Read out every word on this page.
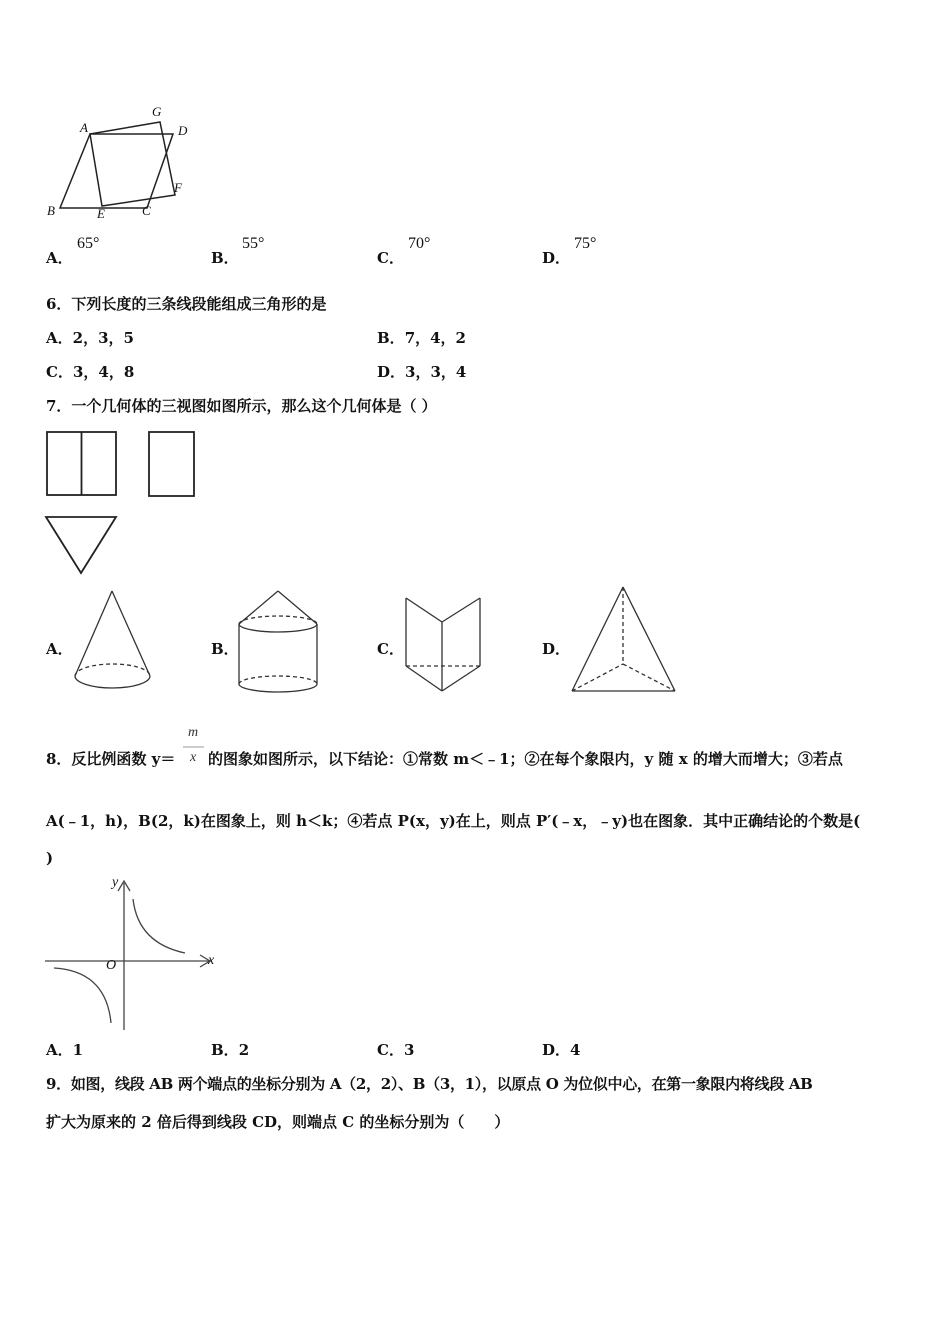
A
G
D
B	E	C
F
A．
65°
B．
55°
C．
70°
D．
75°
6．下列长度的三条线段能组成三角形的是
A．2，3，5	B．7，4，2
C．3，4，8	D．3，3，4
7．一个几何体的三视图如图所示，那么这个几何体是（ ）
A．	B．	C．	D．
8．反比例函数 y＝
m
x 的图象如图所示，以下结论：①常数 m＜﹣1；②在每个象限内，y 随 x 的增大而增大；③若点
A(﹣1，h)，B(2，k)在图象上，则 h＜k；④若点 P(x，y)在上，则点 P′(﹣x，﹣y)也在图象．其中正确结论的个数是(
)
y
x
O
A．1	B．2	C．3	D．4
9．如图，线段 AB 两个端点的坐标分别为 A（2，2）、B（3，1），以原点 O 为位似中心，在第一象限内将线段 AB
扩大为原来的 2 倍后得到线段 CD，则端点 C 的坐标分别为（　　）
